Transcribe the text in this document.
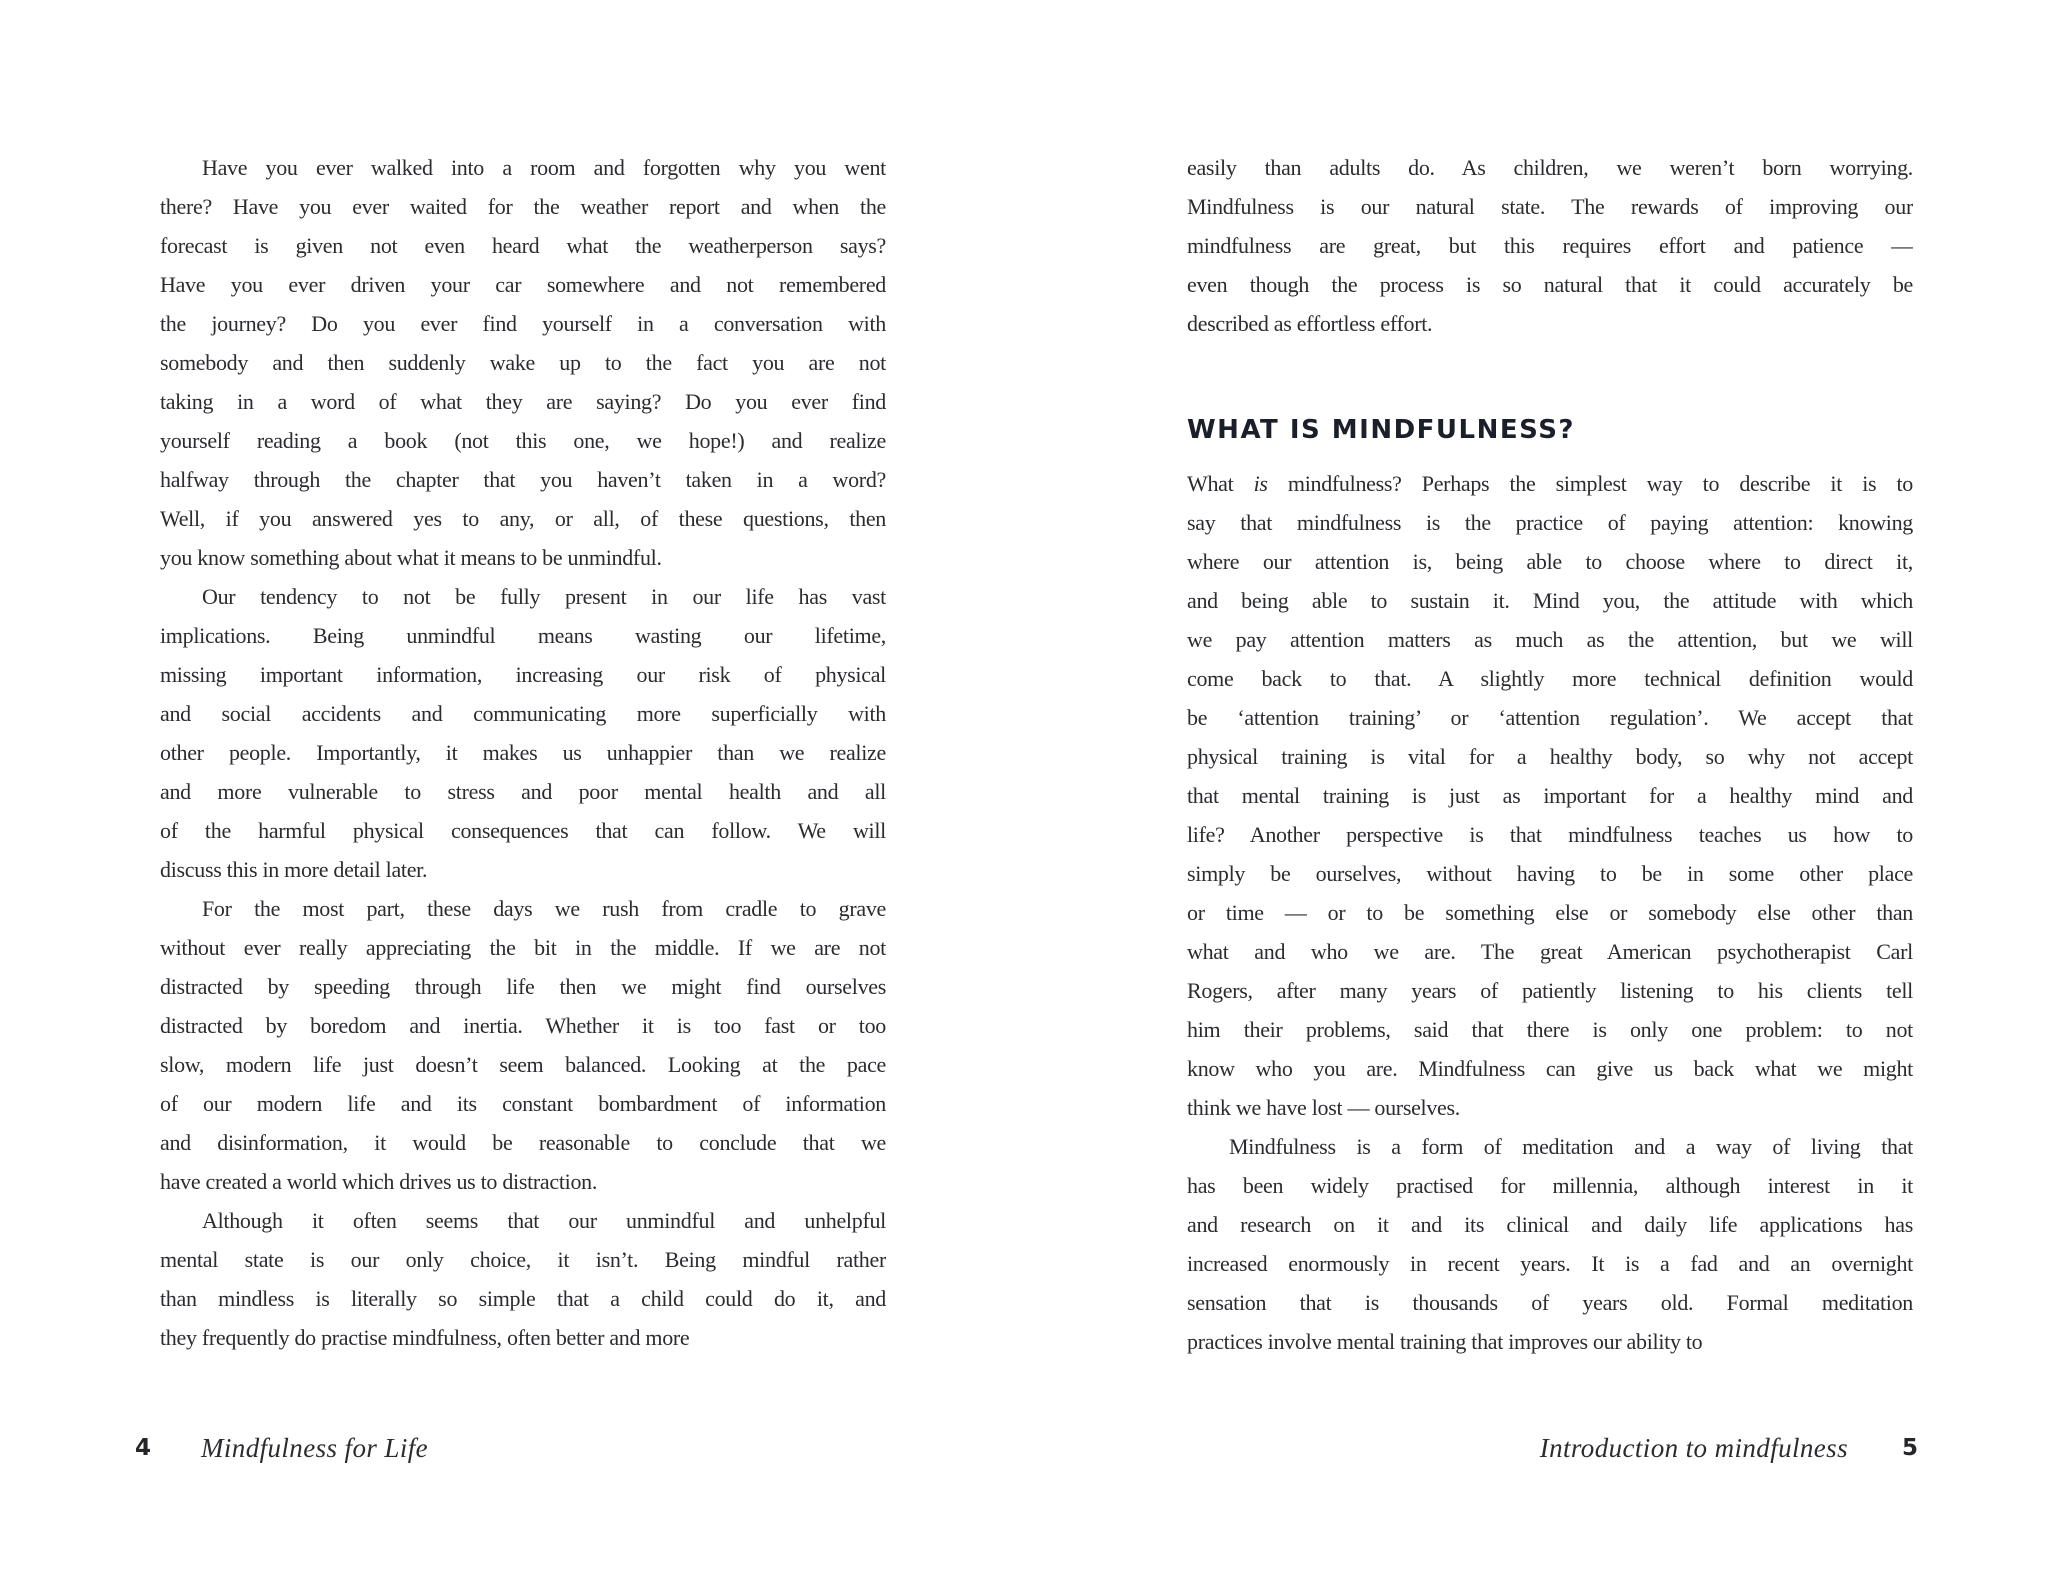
Have you ever walked into a room and forgotten why you went
there? Have you ever waited for the weather report and when the
forecast is given not even heard what the weatherperson says?
Have you ever driven your car somewhere and not remembered
the journey? Do you ever find yourself in a conversation with
somebody and then suddenly wake up to the fact you are not
taking in a word of what they are saying? Do you ever find
yourself reading a book (not this one, we hope!) and realize
halfway through the chapter that you haven’t taken in a word?
Well, if you answered yes to any, or all, of these questions, then
you know something about what it means to be unmindful.
Our tendency to not be fully present in our life has vast
implications. Being unmindful means wasting our lifetime,
missing important information, increasing our risk of physical
and social accidents and communicating more superficially with
other people. Importantly, it makes us unhappier than we realize
and more vulnerable to stress and poor mental health and all
of the harmful physical consequences that can follow. We will
discuss this in more detail later.
For the most part, these days we rush from cradle to grave
without ever really appreciating the bit in the middle. If we are not
distracted by speeding through life then we might find ourselves
distracted by boredom and inertia. Whether it is too fast or too
slow, modern life just doesn’t seem balanced. Looking at the pace
of our modern life and its constant bombardment of information
and disinformation, it would be reasonable to conclude that we
have created a world which drives us to distraction.
Although it often seems that our unmindful and unhelpful
mental state is our only choice, it isn’t. Being mindful rather
than mindless is literally so simple that a child could do it, and
they frequently do practise mindfulness, often better and more
easily than adults do. As children, we weren’t born worrying.
Mindfulness is our natural state. The rewards of improving our
mindfulness are great, but this requires effort and patience —
even though the process is so natural that it could accurately be
described as effortless effort.
WHAT IS MINDFULNESS?
What is mindfulness? Perhaps the simplest way to describe it is to
say that mindfulness is the practice of paying attention: knowing
where our attention is, being able to choose where to direct it,
and being able to sustain it. Mind you, the attitude with which
we pay attention matters as much as the attention, but we will
come back to that. A slightly more technical definition would
be ‘attention training’ or ‘attention regulation’. We accept that
physical training is vital for a healthy body, so why not accept
that mental training is just as important for a healthy mind and
life? Another perspective is that mindfulness teaches us how to
simply be ourselves, without having to be in some other place
or time — or to be something else or somebody else other than
what and who we are. The great American psychotherapist Carl
Rogers, after many years of patiently listening to his clients tell
him their problems, said that there is only one problem: to not
know who you are. Mindfulness can give us back what we might
think we have lost — ourselves.
Mindfulness is a form of meditation and a way of living that
has been widely practised for millennia, although interest in it
and research on it and its clinical and daily life applications has
increased enormously in recent years. It is a fad and an overnight
sensation that is thousands of years old. Formal meditation
practices involve mental training that improves our ability to
4 Mindfulness for Life	Introduction to mindfulness 5
